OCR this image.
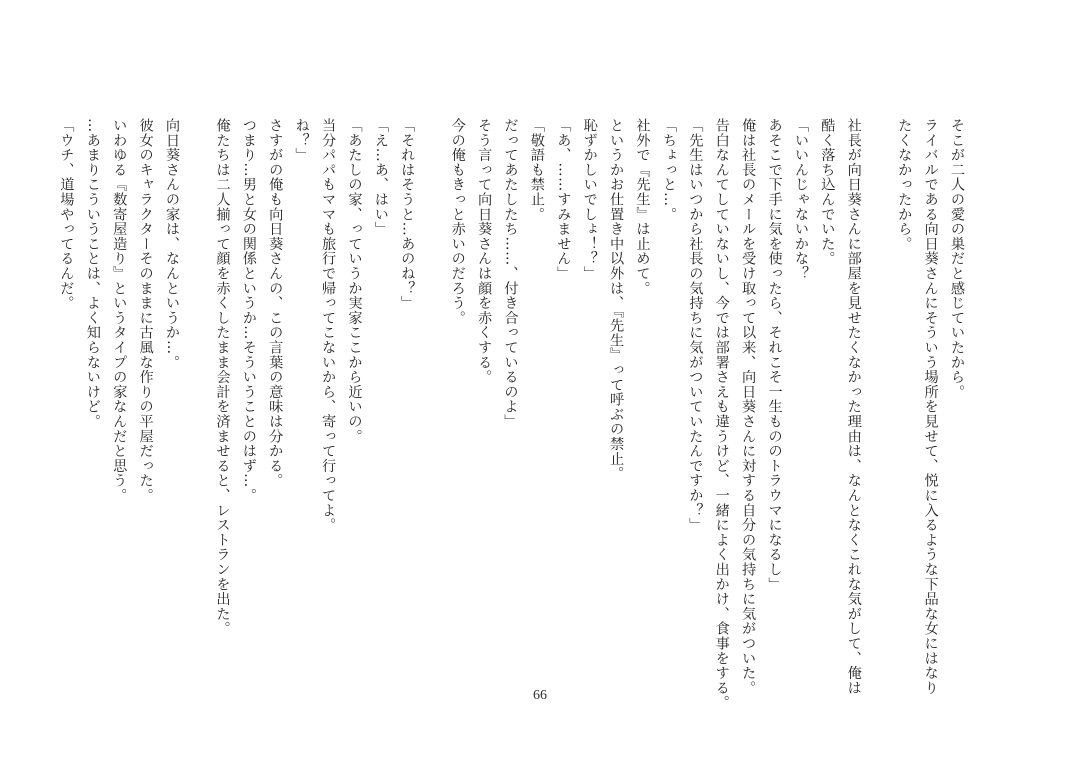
そこが二人の愛の巣だと感じていたから。
ライバルである向日葵さんにそういう場所を見せて、悦に入るような下品な女にはなり
たくなかったから。
社長が向日葵さんに部屋を見せたくなかった理由は、なんとなくこれな気がして、俺は
酷く落ち込んでいた。
「いいんじゃないかな？
あそこで下手に気を使ったら、それこそ一生もののトラウマになるし」
俺は社長のメールを受け取って以来、向日葵さんに対する自分の気持ちに気がついた。
告白なんてしていないし、今では部署さえも違うけど、一緒によく出かけ、食事をする。
「先生はいつから社長の気持ちに気がついていたんですか？」
「ちょっと…。
社外で『先生』は止めて。
というかお仕置き中以外は、『先生』って呼ぶの禁止。
恥ずかしいでしょ！？」
「あ、……すみません」
「敬語も禁止。
だってあたしたち……、付き合っているのよ」
そう言って向日葵さんは顔を赤くする。
今の俺もきっと赤いのだろう。
「それはそうと…あのね？」
「え…あ、はい」
「あたしの家、っていうか実家ここから近いの。
当分パパもママも旅行で帰ってこないから、寄って行ってよ。
ね？」
さすがの俺も向日葵さんの、この言葉の意味は分かる。
つまり…男と女の関係というか…そういうことのはず…。
俺たちは二人揃って顔を赤くしたまま会計を済ませると、レストランを出た。
向日葵さんの家は、なんというか…。
彼女のキャラクターそのままに古風な作りの平屋だった。
いわゆる『数寄屋造り』というタイプの家なんだと思う。
…あまりこういうことは、よく知らないけど。
「ウチ、道場やってるんだ。
66
